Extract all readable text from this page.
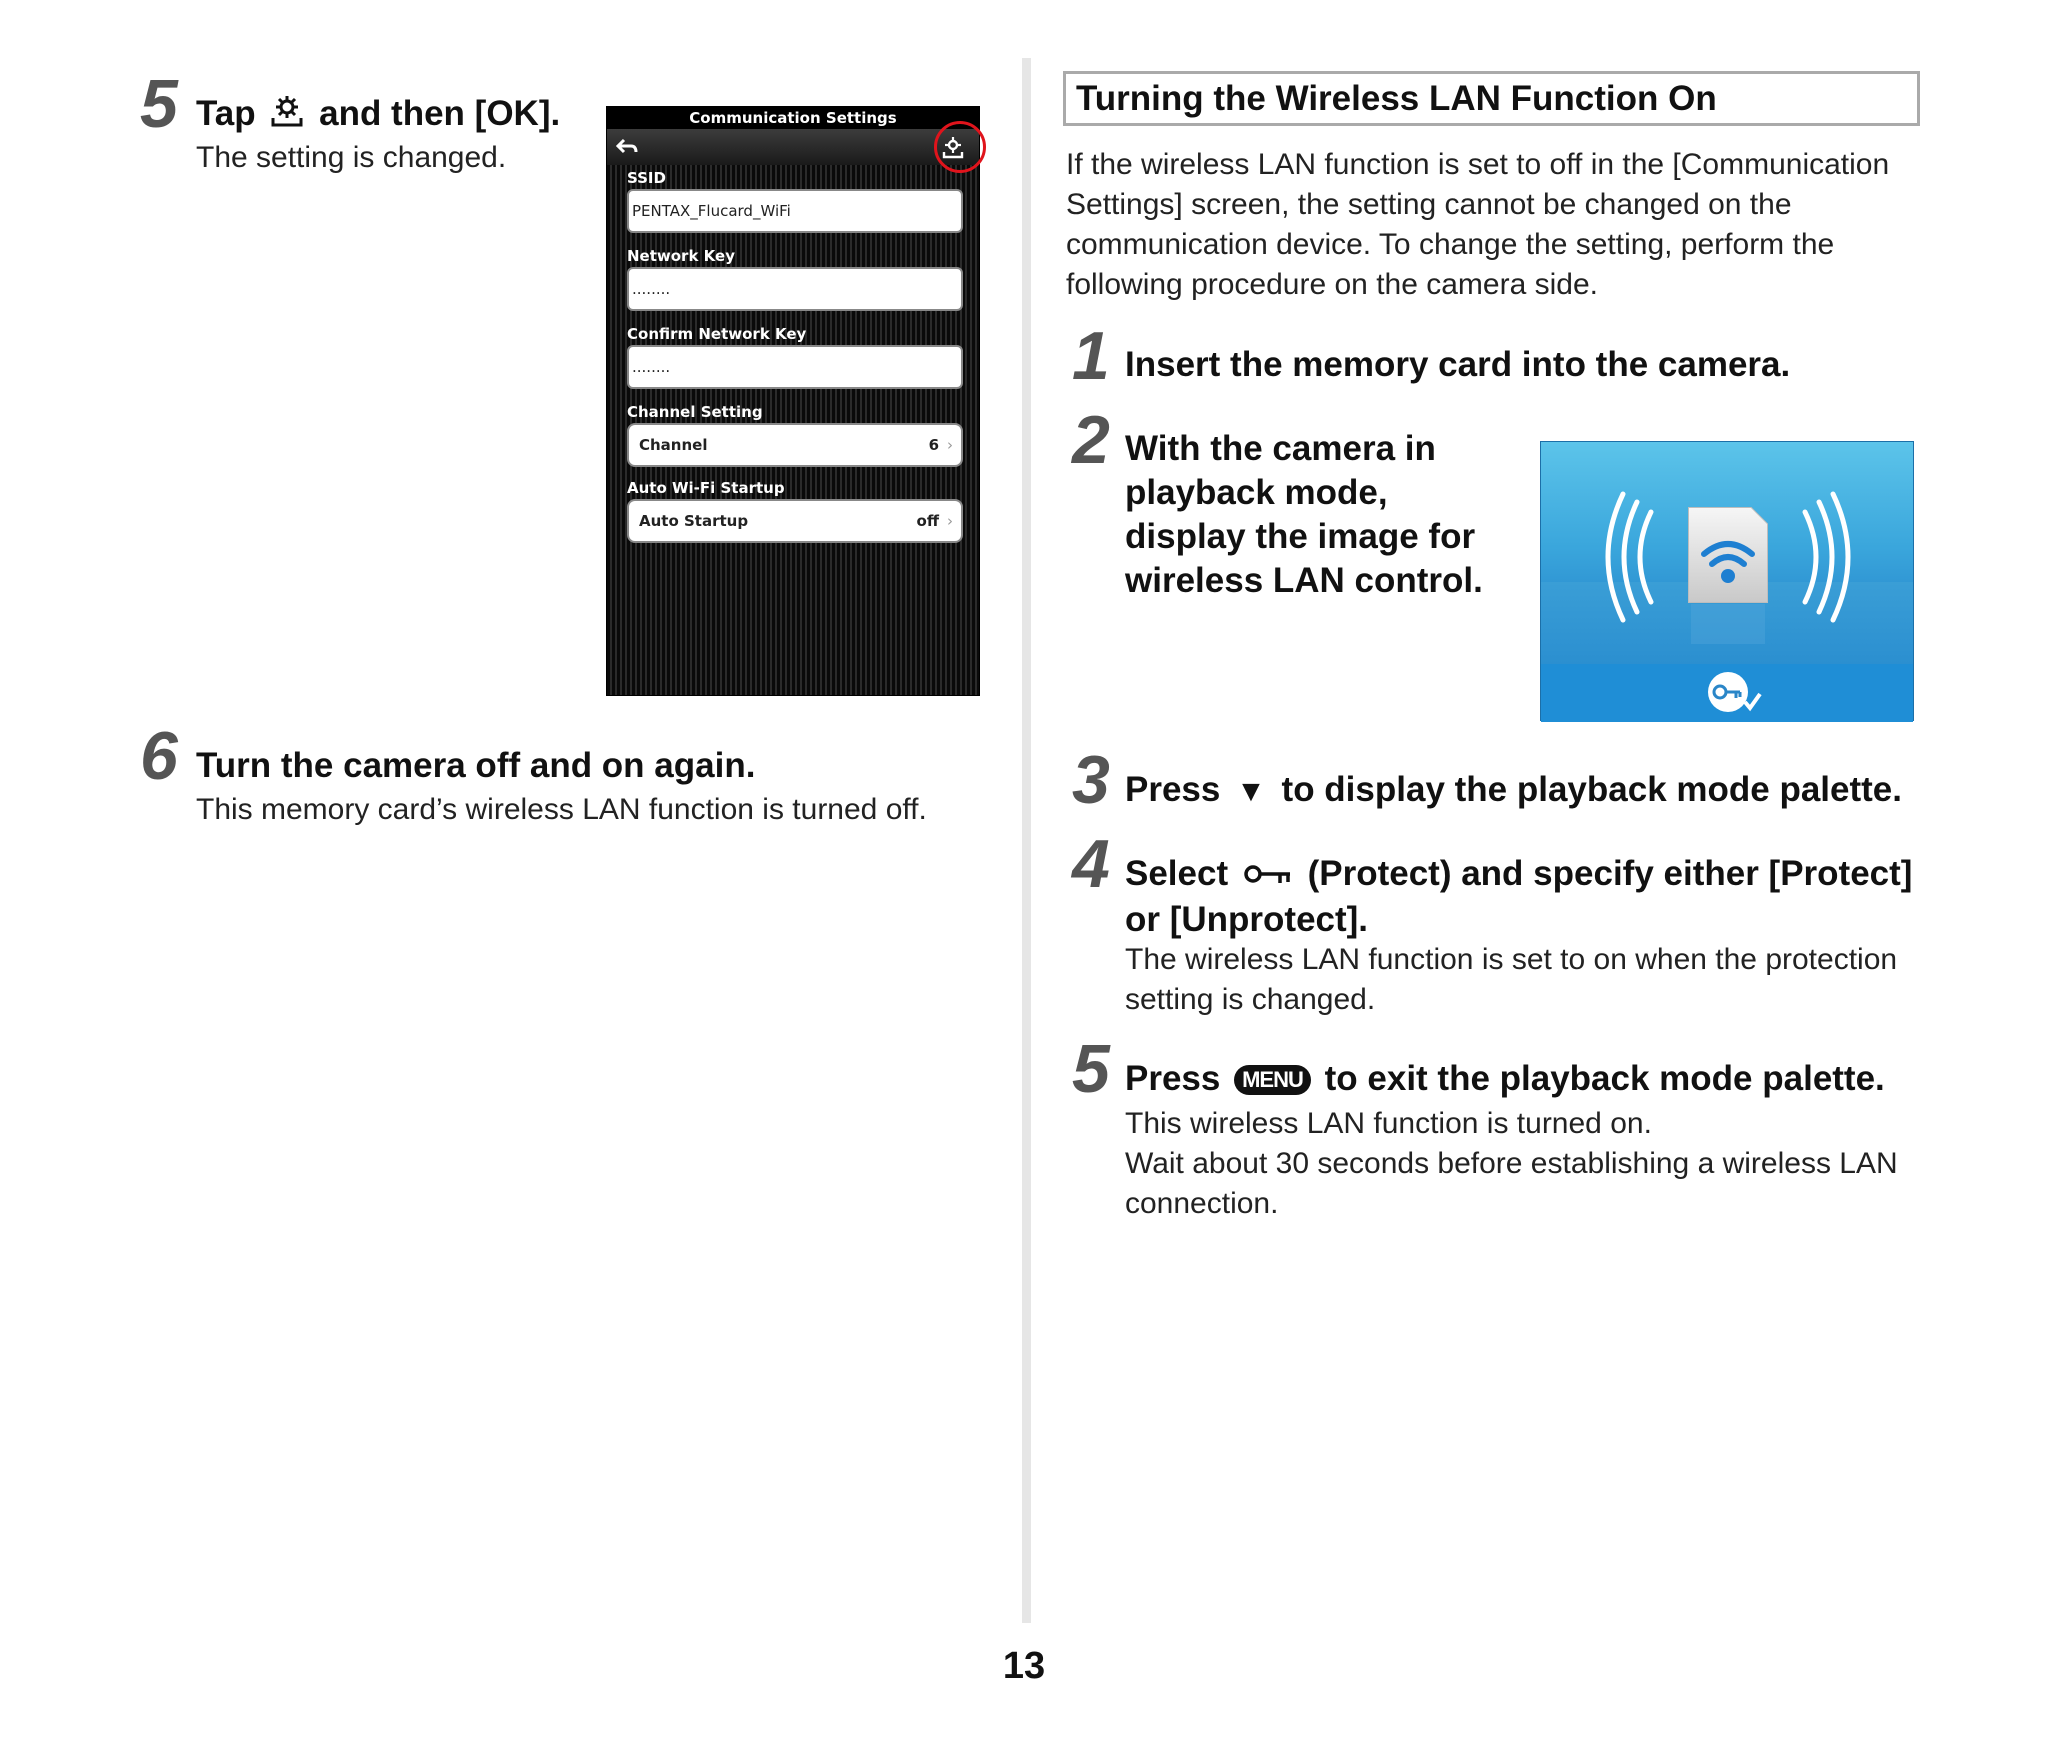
5 Tap and then [OK].
The setting is changed.
Communication Settings
SSID
PENTAX_Flucard_WiFi
Network Key
........
Confirm Network Key
........
Channel Setting
Channel	6 ›
Auto Wi-Fi Startup
Auto Startup	off ›
6 Turn the camera off and on again.
This memory card’s wireless LAN function is turned off.
Turning the Wireless LAN Function On
If the wireless LAN function is set to off in the [Communication
Settings] screen, the setting cannot be changed on the
communication device. To change the setting, perform the
following procedure on the camera side.
1 Insert the memory card into the camera.
2 With the camera in
playback mode,
display the image for
wireless LAN control.
3 Press ▼ to display the playback mode palette.
4 Select (Protect) and specify either [Protect]
or [Unprotect].
The wireless LAN function is set to on when the protection
setting is changed.
5 Press MENU to exit the playback mode palette.
This wireless LAN function is turned on.
Wait about 30 seconds before establishing a wireless LAN
connection.
13
